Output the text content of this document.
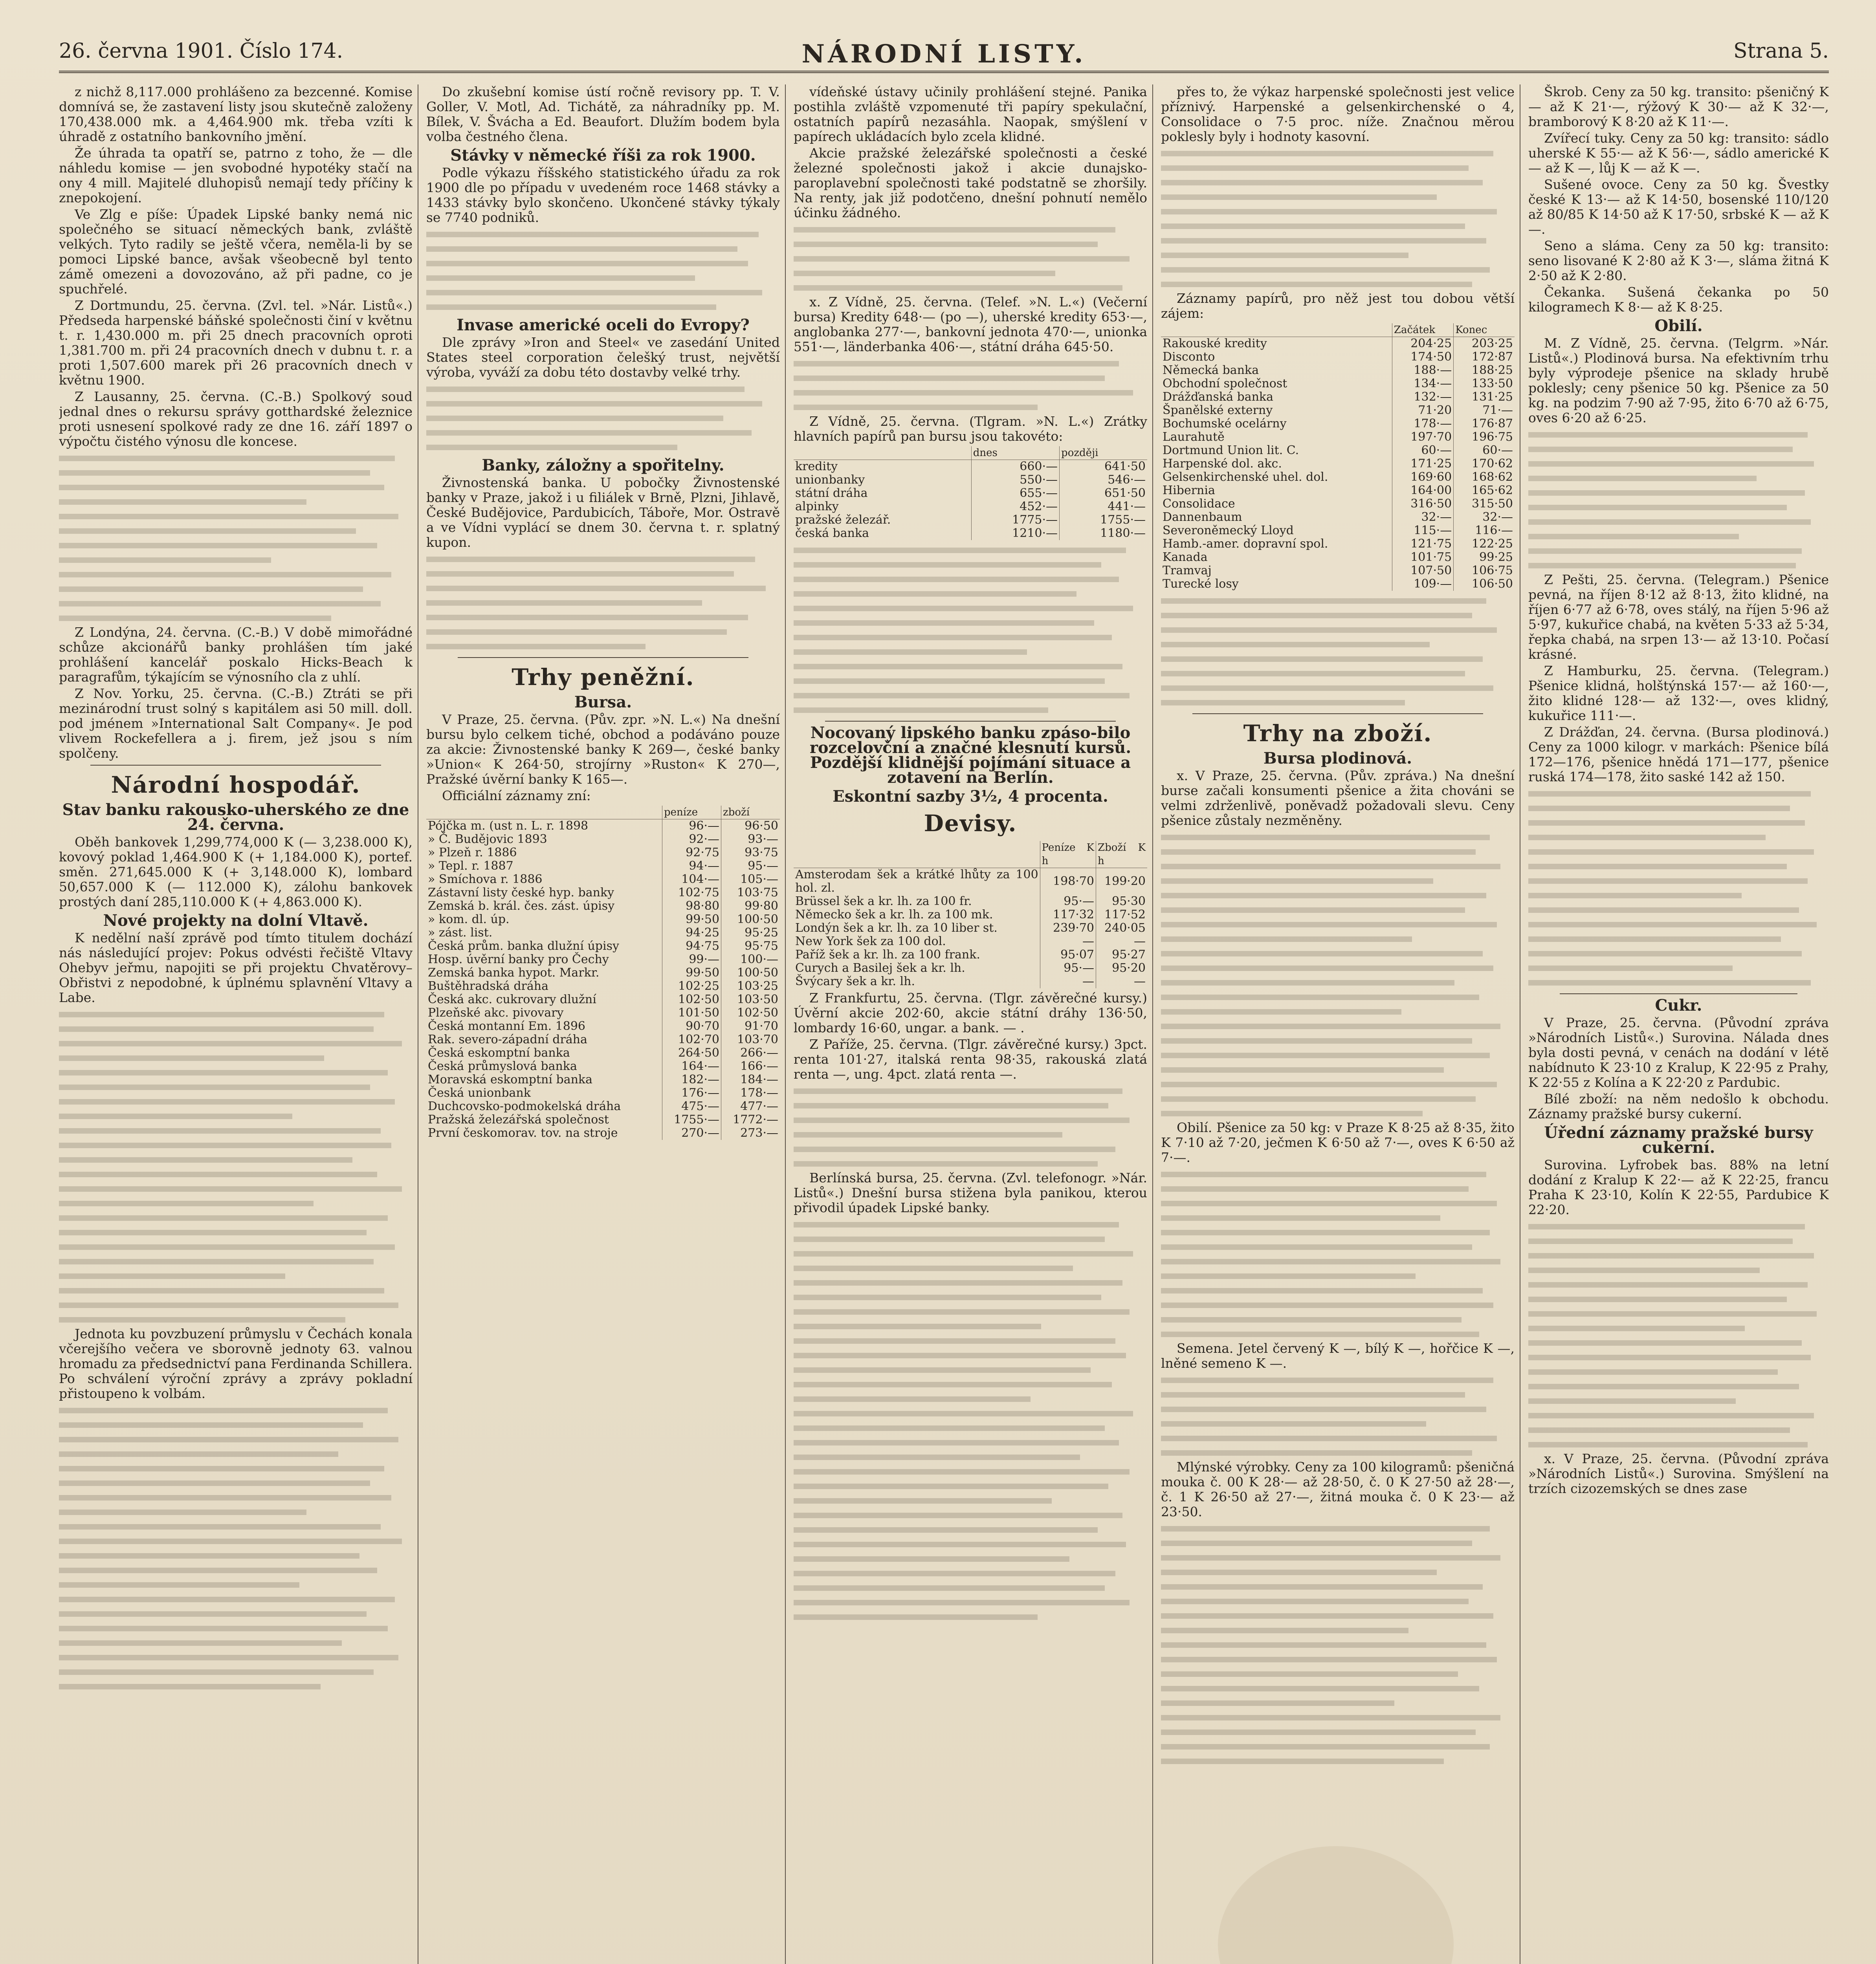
26. června 1901. Číslo 174.	NÁRODNÍ LISTY.	Strana 5.

z nichž 8,117.000 prohlášeno za bezcenné. Komise domnívá se, že zastavení listy jsou skutečně založeny 170,438.000 mk. a 4,464.900 mk. třeba vzíti k úhradě z ostatního bankovního jmění.

Že úhrada ta opatří se, patrno z toho, že — dle náhledu komise — jen svobodné hypotéky stačí na ony 4 mill. Majitelé dluhopisů nemají tedy příčiny k znepokojení.

Ve Zlg e píše: Úpadek Lipské banky nemá nic společného se situací německých bank, zvláště velkých. Tyto radily se ještě včera, neměla-li by se pomoci Lipské bance, avšak všeobecně byl tento zámě omezeni a dovozováno, až při padne, co je spuchřelé.

Z Dortmundu, 25. června. (Zvl. tel. »Nár. Listů«.) Předseda harpenské báňské společnosti činí v květnu t. r. 1,430.000 m. při 25 dnech pracovních oproti 1,381.700 m. při 24 pracovních dnech v dubnu t. r. a proti 1,507.600 marek při 26 pracovních dnech v květnu 1900.

Z Lausanny, 25. června. (C.-B.) Spolkový soud jednal dnes o rekursu správy gotthardské železnice proti usnesení spolkové rady ze dne 16. září 1897 o výpočtu čistého výnosu dle koncese.

Z Londýna, 24. června. (C.-B.) V době mimořádné schůze akcionářů banky prohlášen tím jaké prohlášení kancelář poskalo Hicks-Beach k paragrafům, týkajícím se výnosního cla z uhlí.

Z Nov. Yorku, 25. června. (C.-B.) Ztráti se při mezinárodní trust solný s kapitálem asi 50 mill. doll. pod jménem »International Salt Company«. Je pod vlivem Rockefellera a j. firem, jež jsou s ním spolčeny.

Národní hospodář.
Stav banku rakousko-uherského ze dne 24. června.

Oběh bankovek 1,299,774,000 K (— 3,238.000 K), kovový poklad 1,464.900 K (+ 1,184.000 K), portef. směn. 271,645.000 K (+ 3,148.000 K), lombard 50,657.000 K (— 112.000 K), zálohu bankovek prostých daní 285,110.000 K (+ 4,863.000 K).

Nové projekty na dolní Vltavě.

K nedělní naší zprávě pod tímto titulem dochází nás následující projev: Pokus odvésti řečiště Vltavy Ohebyv jeřmu, napojiti se při projektu Chvatěrovy–Obřistvi z nepodobné, k úplnému splavnění Vltavy a Labe.

Jednota ku povzbuzení průmyslu v Čechách konala včerejšího večera ve sborovně jednoty 63. valnou hromadu za předsednictví pana Ferdinanda Schillera. Po schválení výroční zprávy a zprávy pokladní přistoupeno k volbám.

Do zkušební komise ústí ročně revisory pp. T. V. Goller, V. Motl, Ad. Tichátě, za náhradníky pp. M. Bílek, V. Švácha a Ed. Beaufort. Dlužím bodem byla volba čestného člena.

Stávky v německé říši za rok 1900.

Podle výkazu říšského statistického úřadu za rok 1900 dle po případu v uvedeném roce 1468 stávky a 1433 stávky bylo skončeno. Ukončené stávky týkaly se 7740 podniků.

Invase americké oceli do Evropy?

Dle zprávy »Iron and Steel« ve zasedání United States steel corporation čelešký trust, největší výroba, vyváží za dobu této dostavby velké trhy.

Banky, záložny a spořitelny.

Živnostenská banka. U pobočky Živnostenské banky v Praze, jakož i u filiálek v Brně, Plzni, Jihlavě, České Budějovice, Pardubicích, Táboře, Mor. Ostravě a ve Vídni vyplácí se dnem 30. června t. r. splatný kupon.

Trhy peněžní.
Bursa.

V Praze, 25. června. (Pův. zpr. »N. L.«) Na dnešní bursu bylo celkem tiché, obchod a podáváno pouze za akcie: Živnostenské banky K 269—, české banky »Union« K 264·50, strojírny »Ruston« K 270—, Pražské úvěrní banky K 165—.

Officiální záznamy zní:

	peníze	zboží
Pójčka m. (ust n. L. r. 1898	96·—	96·50
» Č. Budějovic 1893	92·—	93·—
» Plzeň r. 1886	92·75	93·75
» Tepl. r. 1887	94·—	95·—
» Smíchova r. 1886	104·—	105·—
Zástavní listy české hyp. banky	102·75	103·75
Zemská b. král. čes. zást. úpisy	98·80	99·80
» kom. dl. úp.	99·50	100·50
» zást. list.	94·25	95·25
Česká prům. banka dlužní úpisy	94·75	95·75
Hosp. úvěrní banky pro Čechy	99·—	100·—
Zemská banka hypot. Markr.	99·50	100·50
Buštěhradská dráha	102·25	103·25
Česká akc. cukrovary dlužní	102·50	103·50
Plzeňské akc. pivovary	101·50	102·50
Česká montanní Em. 1896	90·70	91·70
Rak. severo-západní dráha	102·70	103·70
Česká eskomptní banka	264·50	266·—
Česká průmyslová banka	164·—	166·—
Moravská eskomptní banka	182·—	184·—
Česká unionbank	176·—	178·—
Duchcovsko-podmokelská dráha	475·—	477·—
Pražská železářská společnost	1755·—	1772·—
První českomorav. tov. na stroje	270·—	273·—

vídeňské ústavy učinily prohlášení stejné. Panika postihla zvláště vzpomenuté tři papíry spekulační, ostatních papírů nezasáhla. Naopak, smýšlení v papírech ukládacích bylo zcela klidné.

Akcie pražské železářské společnosti a české železné společnosti jakož i akcie dunajsko-paroplavební společnosti také podstatně se zhoršily. Na renty, jak již podotčeno, dnešní pohnutí nemělo účinku žádného.

x. Z Vídně, 25. června. (Telef. »N. L.«) (Večerní bursa) Kredity 648·— (po —), uherské kredity 653·—, anglobanka 277·—, bankovní jednota 470·—, unionka 551·—, länderbanka 406·—, státní dráha 645·50.

Z Vídně, 25. června. (Tlgram. »N. L.«) Zrátky hlavních papírů pan bursu jsou takovéto:

	dnes	později
kredity	660·—	641·50
unionbanky	550·—	546·—
státní dráha	655·—	651·50
alpinky	452·—	441·—
pražské železář.	1775·—	1755·—
česká banka	1210·—	1180·—
Nocovaný lipského banku zpáso-bilo rozcelovční a značné klesnutí kursů. Pozdější klidnější pojímání situace a zotavení na Berlín.
Eskontní sazby 3½, 4 procenta.
Devisy.
	Peníze K h	Zboží K h
Amsterodam šek a krátké lhůty za 100 hol. zl.	198·70	199·20
Brüssel šek a kr. lh. za 100 fr.	95·—	95·30
Německo šek a kr. lh. za 100 mk.	117·32	117·52
Londýn šek a kr. lh. za 10 liber st.	239·70	240·05
New York šek za 100 dol.	—	—
Paříž šek a kr. lh. za 100 frank.	95·07	95·27
Curych a Basilej šek a kr. lh.	95·—	95·20
Švýcary šek a kr. lh.	—	—

Z Frankfurtu, 25. června. (Tlgr. závěrečné kursy.) Úvěrní akcie 202·60, akcie státní dráhy 136·50, lombardy 16·60, ungar. a bank. — .

Z Paříže, 25. června. (Tlgr. závěrečné kursy.) 3pct. renta 101·27, italská renta 98·35, rakouská zlatá renta —, ung. 4pct. zlatá renta —.

Berlínská bursa, 25. června. (Zvl. telefonogr. »Nár. Listů«.) Dnešní bursa stižena byla panikou, kterou přivodil úpadek Lipské banky.

přes to, že výkaz harpenské společnosti jest velice příznivý. Harpenské a gelsenkirchenské o 4, Consolidace o 7·5 proc. níže. Značnou měrou poklesly byly i hodnoty kasovní.

Záznamy papírů, pro něž jest tou dobou větší zájem:

	Začátek	Konec
Rakouské kredity	204·25	203·25
Disconto	174·50	172·87
Německá banka	188·—	188·25
Obchodní společnost	134·—	133·50
Drážďanská banka	132·—	131·25
Španělské externy	71·20	71·—
Bochumské ocelárny	178·—	176·87
Laurahutě	197·70	196·75
Dortmund Union lit. C.	60·—	60·—
Harpenské dol. akc.	171·25	170·62
Gelsenkirchenské uhel. dol.	169·60	168·62
Hibernia	164·00	165·62
Consolidace	316·50	315·50
Dannenbaum	32·—	32·—
Severoněmecký Lloyd	115·—	116·—
Hamb.-amer. dopravní spol.	121·75	122·25
Kanada	101·75	99·25
Tramvaj	107·50	106·75
Turecké losy	109·—	106·50
Trhy na zboží.
Bursa plodinová.

x. V Praze, 25. června. (Pův. zpráva.) Na dnešní burse začali konsumenti pšenice a žita chováni se velmi zdrženlivě, poněvadž požadovali slevu. Ceny pšenice zůstaly nezměněny.

Obilí. Pšenice za 50 kg: v Praze K 8·25 až 8·35, žito K 7·10 až 7·20, ječmen K 6·50 až 7·—, oves K 6·50 až 7·—.

Semena. Jetel červený K —, bílý K —, hořčice K —, lněné semeno K —.

Mlýnské výrobky. Ceny za 100 kilogramů: pšeničná mouka č. 00 K 28·— až 28·50, č. 0 K 27·50 až 28·—, č. 1 K 26·50 až 27·—, žitná mouka č. 0 K 23·— až 23·50.

Škrob. Ceny za 50 kg. transito: pšeničný K — až K 21·—, rýžový K 30·— až K 32·—, bramborový K 8·20 až K 11·—.

Zvířecí tuky. Ceny za 50 kg: transito: sádlo uherské K 55·— až K 56·—, sádlo americké K — až K —, lůj K — až K —.

Sušené ovoce. Ceny za 50 kg. Švestky české K 13·— až K 14·50, bosenské 110/120 až 80/85 K 14·50 až K 17·50, srbské K — až K —.

Seno a sláma. Ceny za 50 kg: transito: seno lisované K 2·80 až K 3·—, sláma žitná K 2·50 až K 2·80.

Čekanka. Sušená čekanka po 50 kilogramech K 8·— až K 8·25.

Obilí.

M. Z Vídně, 25. června. (Telgrm. »Nár. Listů«.) Plodinová bursa. Na efektivním trhu byly výprodeje pšenice na sklady hrubě poklesly; ceny pšenice 50 kg. Pšenice za 50 kg. na podzim 7·90 až 7·95, žito 6·70 až 6·75, oves 6·20 až 6·25.

Z Pešti, 25. června. (Telegram.) Pšenice pevná, na říjen 8·12 až 8·13, žito klidné, na říjen 6·77 až 6·78, oves stálý, na říjen 5·96 až 5·97, kukuřice chabá, na květen 5·33 až 5·34, řepka chabá, na srpen 13·— až 13·10. Počasí krásné.

Z Hamburku, 25. června. (Telegram.) Pšenice klidná, holštýnská 157·— až 160·—, žito klidné 128·— až 132·—, oves klidný, kukuřice 111·—.

Z Drážďan, 24. června. (Bursa plodinová.) Ceny za 1000 kilogr. v markách: Pšenice bílá 172—176, pšenice hnědá 171—177, pšenice ruská 174—178, žito saské 142 až 150.

Cukr.

V Praze, 25. června. (Původní zpráva »Národních Listů«.) Surovina. Nálada dnes byla dosti pevná, v cenách na dodání v létě nabídnuto K 23·10 z Kralup, K 22·95 z Prahy, K 22·55 z Kolína a K 22·20 z Pardubic.

Bílé zboží: na něm nedošlo k obchodu. Záznamy pražské bursy cukerní.

Úřední záznamy pražské bursy cukerní.

Surovina. Lyfrobek bas. 88% na letní dodání z Kralup K 22·— až K 22·25, francu Praha K 23·10, Kolín K 22·55, Pardubice K 22·20.

x. V Praze, 25. června. (Původní zpráva »Národních Listů«.) Surovina. Smýšlení na trzích cizozemských se dnes zase
